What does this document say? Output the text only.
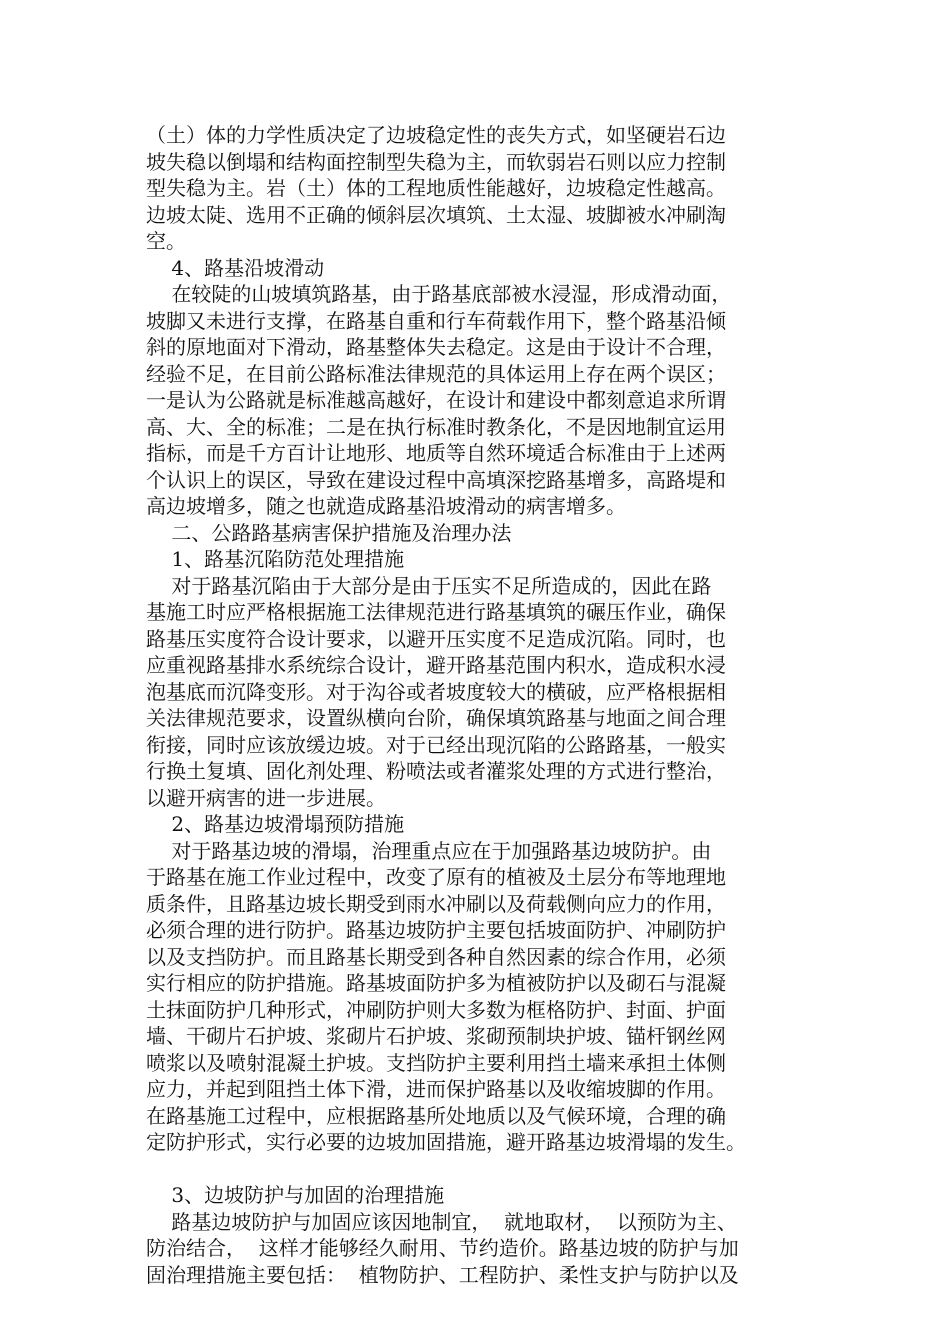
（土）体的力学性质决定了边坡稳定性的丧失方式，如坚硬岩石边
坡失稳以倒塌和结构面控制型失稳为主，而软弱岩石则以应力控制
型失稳为主。岩（土）体的工程地质性能越好，边坡稳定性越高。
边坡太陡、选用不正确的倾斜层次填筑、土太湿、坡脚被水冲刷淘
空。
4、路基沿坡滑动
在较陡的山坡填筑路基，由于路基底部被水浸湿，形成滑动面，
坡脚又未进行支撑，在路基自重和行车荷载作用下，整个路基沿倾
斜的原地面对下滑动，路基整体失去稳定。这是由于设计不合理，
经验不足，在目前公路标准法律规范的具体运用上存在两个误区；
一是认为公路就是标准越高越好，在设计和建设中都刻意追求所谓
高、大、全的标准；二是在执行标准时教条化，不是因地制宜运用
指标，而是千方百计让地形、地质等自然环境适合标准由于上述两
个认识上的误区，导致在建设过程中高填深挖路基增多，高路堤和
高边坡增多，随之也就造成路基沿坡滑动的病害增多。
二、公路路基病害保护措施及治理办法
1、路基沉陷防范处理措施
对于路基沉陷由于大部分是由于压实不足所造成的，因此在路
基施工时应严格根据施工法律规范进行路基填筑的碾压作业，确保
路基压实度符合设计要求，以避开压实度不足造成沉陷。同时，也
应重视路基排水系统综合设计，避开路基范围内积水，造成积水浸
泡基底而沉降变形。对于沟谷或者坡度较大的横破，应严格根据相
关法律规范要求，设置纵横向台阶，确保填筑路基与地面之间合理
衔接，同时应该放缓边坡。对于已经出现沉陷的公路路基，一般实
行换土复填、固化剂处理、粉喷法或者灌浆处理的方式进行整治，
以避开病害的进一步进展。
2、路基边坡滑塌预防措施
对于路基边坡的滑塌，治理重点应在于加强路基边坡防护。由
于路基在施工作业过程中，改变了原有的植被及土层分布等地理地
质条件，且路基边坡长期受到雨水冲刷以及荷载侧向应力的作用，
必须合理的进行防护。路基边坡防护主要包括坡面防护、冲刷防护
以及支挡防护。而且路基长期受到各种自然因素的综合作用，必须
实行相应的防护措施。路基坡面防护多为植被防护以及砌石与混凝
土抹面防护几种形式，冲刷防护则大多数为框格防护、封面、护面
墙、干砌片石护坡、浆砌片石护坡、浆砌预制块护坡、锚杆钢丝网
喷浆以及喷射混凝土护坡。支挡防护主要利用挡土墙来承担土体侧
应力，并起到阻挡土体下滑，进而保护路基以及收缩坡脚的作用。
在路基施工过程中，应根据路基所处地质以及气候环境，合理的确
定防护形式，实行必要的边坡加固措施，避开路基边坡滑塌的发生。
3、边坡防护与加固的治理措施
路基边坡防护与加固应该因地制宜，  就地取材，  以预防为主、
防治结合，  这样才能够经久耐用、节约造价。路基边坡的防护与加
固治理措施主要包括：  植物防护、工程防护、柔性支护与防护以及
